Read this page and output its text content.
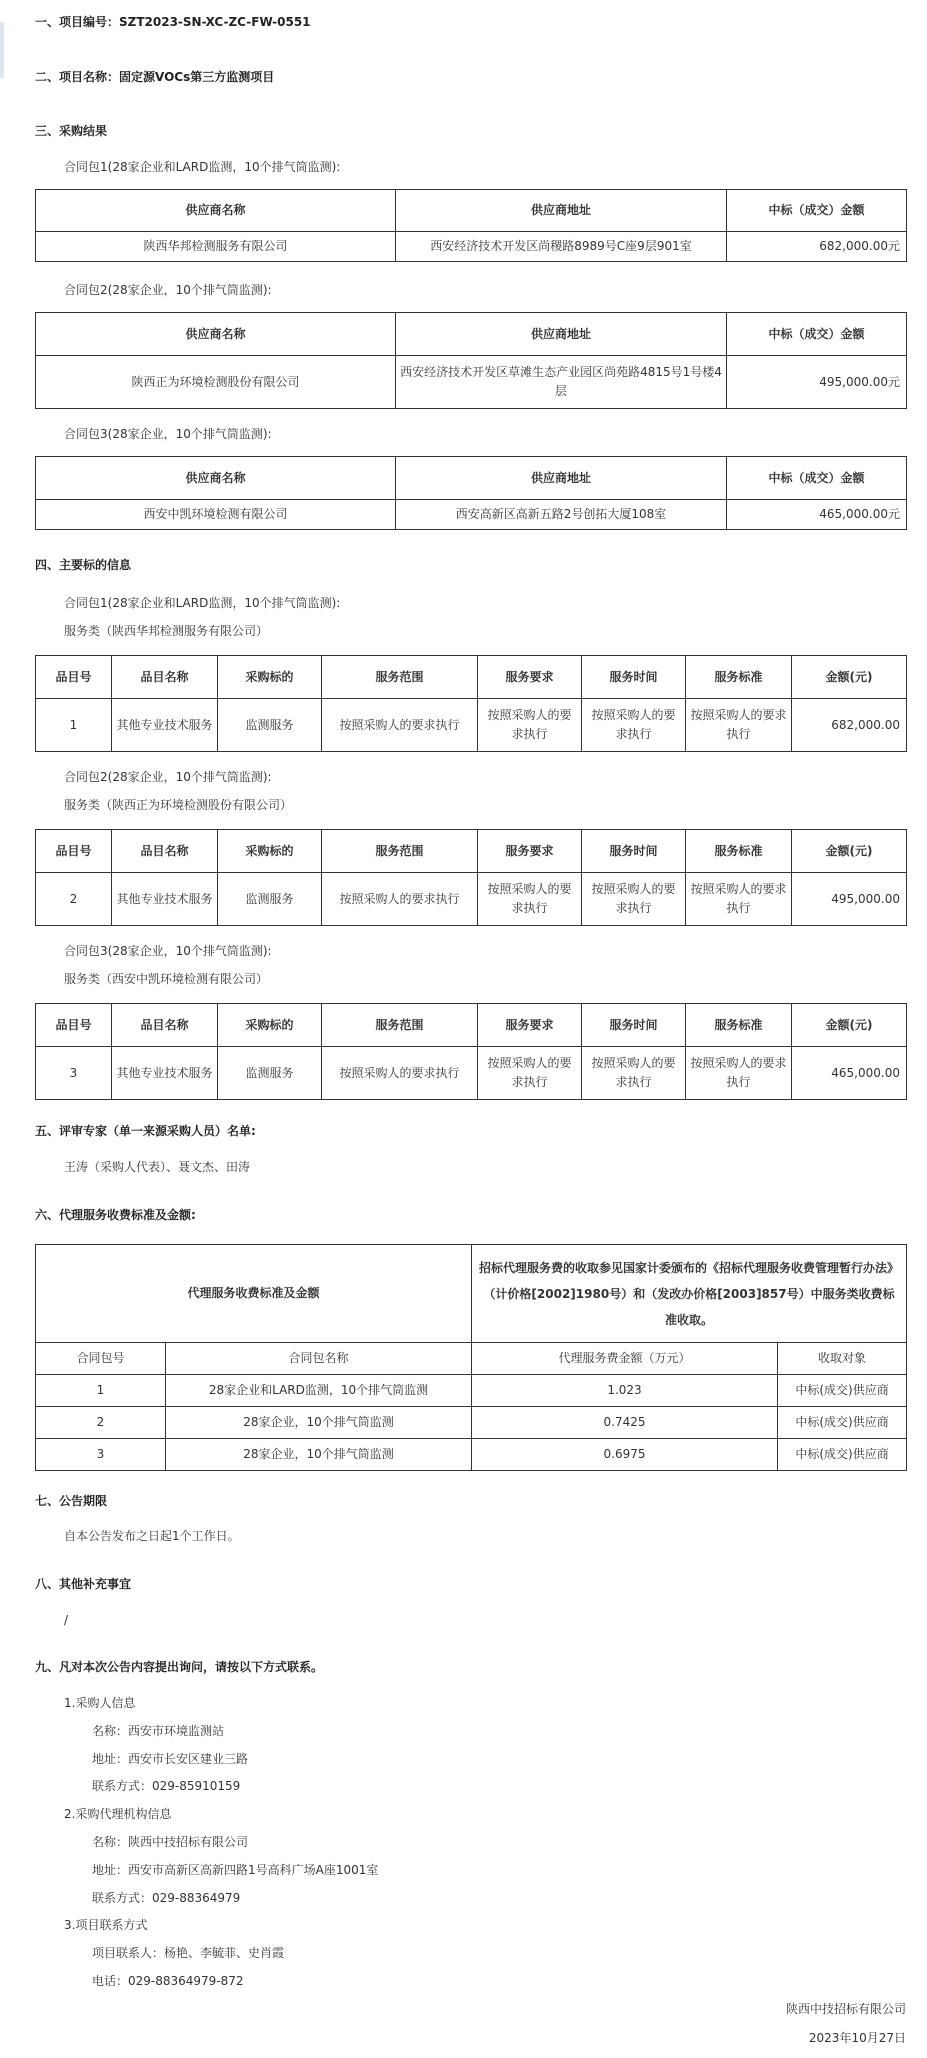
一、项目编号：SZT2023-SN-XC-ZC-FW-0551
二、项目名称：固定源VOCs第三方监测项目
三、采购结果
合同包1(28家企业和LARD监测，10个排气筒监测):
供应商名称	供应商地址	中标（成交）金额
陕西华邦检测服务有限公司	西安经济技术开发区尚稷路8989号C座9层901室	682,000.00元
合同包2(28家企业，10个排气筒监测):
供应商名称	供应商地址	中标（成交）金额
陕西正为环境检测股份有限公司	西安经济技术开发区草滩生态产业园区尚苑路4815号1号楼4层	495,000.00元
合同包3(28家企业，10个排气筒监测):
供应商名称	供应商地址	中标（成交）金额
西安中凯环境检测有限公司	西安高新区高新五路2号创拓大厦108室	465,000.00元
四、主要标的信息
合同包1(28家企业和LARD监测，10个排气筒监测):
服务类（陕西华邦检测服务有限公司）
品目号	品目名称	采购标的	服务范围	服务要求	服务时间	服务标准	金额(元)
1	其他专业技术服务	监测服务	按照采购人的要求执行	按照采购人的要求执行	按照采购人的要求执行	按照采购人的要求执行	682,000.00
合同包2(28家企业，10个排气筒监测):
服务类（陕西正为环境检测股份有限公司）
品目号	品目名称	采购标的	服务范围	服务要求	服务时间	服务标准	金额(元)
2	其他专业技术服务	监测服务	按照采购人的要求执行	按照采购人的要求执行	按照采购人的要求执行	按照采购人的要求执行	495,000.00
合同包3(28家企业，10个排气筒监测):
服务类（西安中凯环境检测有限公司）
品目号	品目名称	采购标的	服务范围	服务要求	服务时间	服务标准	金额(元)
3	其他专业技术服务	监测服务	按照采购人的要求执行	按照采购人的要求执行	按照采购人的要求执行	按照采购人的要求执行	465,000.00
五、评审专家（单一来源采购人员）名单:
王涛（采购人代表）、聂文杰、田涛
六、代理服务收费标准及金额:
代理服务收费标准及金额		招标代理服务费的收取参见国家计委颁布的《招标代理服务收费管理暂行办法》（计价格[2002]1980号）和（发改办价格[2003]857号）中服务类收费标准收取。	
合同包号	合同包名称	代理服务费金额（万元）	收取对象
1	28家企业和LARD监测，10个排气筒监测	1.023	中标(成交)供应商
2	28家企业，10个排气筒监测	0.7425	中标(成交)供应商
3	28家企业，10个排气筒监测	0.6975	中标(成交)供应商
七、公告期限
自本公告发布之日起1个工作日。
八、其他补充事宜
/
九、凡对本次公告内容提出询问，请按以下方式联系。
1.采购人信息
名称：西安市环境监测站
地址：西安市长安区建业三路
联系方式：029-85910159
2.采购代理机构信息
名称：陕西中技招标有限公司
地址：西安市高新区高新四路1号高科广场A座1001室
联系方式：029-88364979
3.项目联系方式
项目联系人：杨艳、李毓菲、史肖霞
电话：029-88364979-872
陕西中技招标有限公司
2023年10月27日
